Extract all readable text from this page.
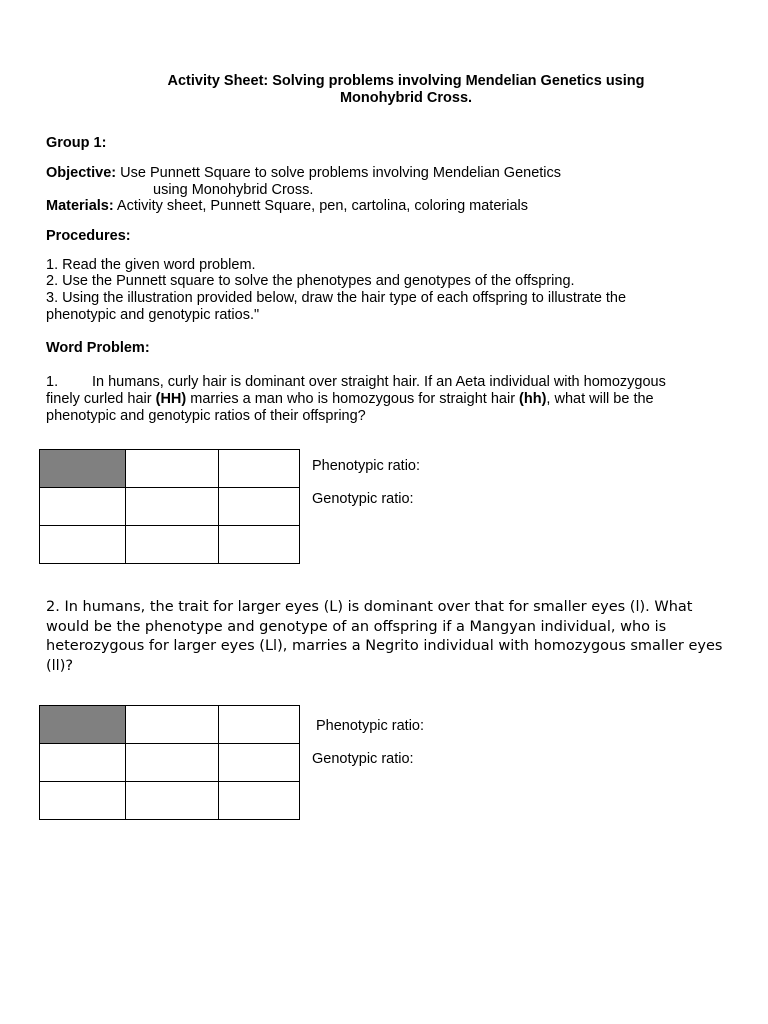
Activity Sheet: Solving problems involving Mendelian Genetics using
Monohybrid Cross.
Group 1:
Objective: Use Punnett Square to solve problems involving Mendelian Genetics
using Monohybrid Cross.
Materials: Activity sheet, Punnett Square, pen, cartolina, coloring materials
Procedures:
1. Read the given word problem.
2. Use the Punnett square to solve the phenotypes and genotypes of the offspring.
3. Using the illustration provided below, draw the hair type of each offspring to illustrate the
phenotypic and genotypic ratios."
Word Problem:
1. In humans, curly hair is dominant over straight hair. If an Aeta individual with homozygous
finely curled hair (HH) marries a man who is homozygous for straight hair (hh), what will be the
phenotypic and genotypic ratios of their offspring?

Phenotypic ratio:
Genotypic ratio:
2. In humans, the trait for larger eyes (L) is dominant over that for smaller eyes (l). What would be the phenotype and genotype of an offspring if a Mangyan individual, who is heterozygous for larger eyes (Ll), marries a Negrito individual with homozygous smaller eyes (ll)?

Phenotypic ratio:
Genotypic ratio:
